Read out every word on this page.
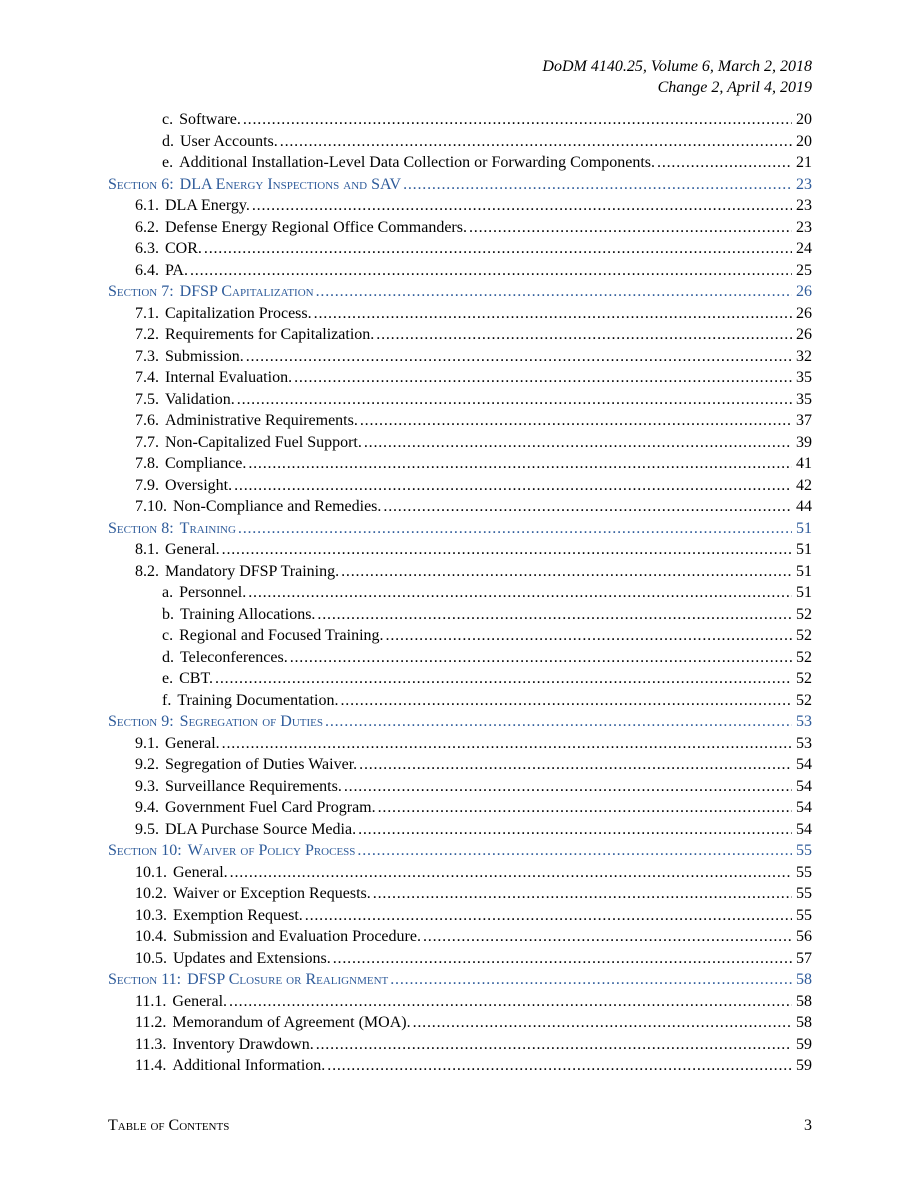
DoDM 4140.25, Volume 6, March 2, 2018
Change 2, April 4, 2019
c. Software. . . .	20
d. User Accounts. . . .	20
e. Additional Installation-Level Data Collection or Forwarding Components. . . .	21
Section 6: DLA Energy Inspections and SAV . . .	23
6.1. DLA Energy. . . .	23
6.2. Defense Energy Regional Office Commanders. . . .	23
6.3. COR. . . .	24
6.4. PA. . . .	25
Section 7: DFSP Capitalization . . .	26
7.1. Capitalization Process. . . .	26
7.2. Requirements for Capitalization. . . .	26
7.3. Submission. . . .	32
7.4. Internal Evaluation. . . .	35
7.5. Validation. . . .	35
7.6. Administrative Requirements. . . .	37
7.7. Non-Capitalized Fuel Support. . . .	39
7.8. Compliance. . . .	41
7.9. Oversight. . . .	42
7.10. Non-Compliance and Remedies. . . .	44
Section 8: Training . . .	51
8.1. General. . . .	51
8.2. Mandatory DFSP Training. . . .	51
a. Personnel. . . .	51
b. Training Allocations. . . .	52
c. Regional and Focused Training. . . .	52
d. Teleconferences. . . .	52
e. CBT. . . .	52
f. Training Documentation. . . .	52
Section 9: Segregation of Duties . . .	53
9.1. General. . . .	53
9.2. Segregation of Duties Waiver. . . .	54
9.3. Surveillance Requirements. . . .	54
9.4. Government Fuel Card Program. . . .	54
9.5. DLA Purchase Source Media. . . .	54
Section 10: Waiver of Policy Process . . .	55
10.1. General. . . .	55
10.2. Waiver or Exception Requests. . . .	55
10.3. Exemption Request. . . .	55
10.4. Submission and Evaluation Procedure. . . .	56
10.5. Updates and Extensions. . . .	57
Section 11: DFSP Closure or Realignment . . .	58
11.1. General. . . .	58
11.2. Memorandum of Agreement (MOA). . . .	58
11.3. Inventory Drawdown. . . .	59
11.4. Additional Information. . . .	59
Table of Contents	3
